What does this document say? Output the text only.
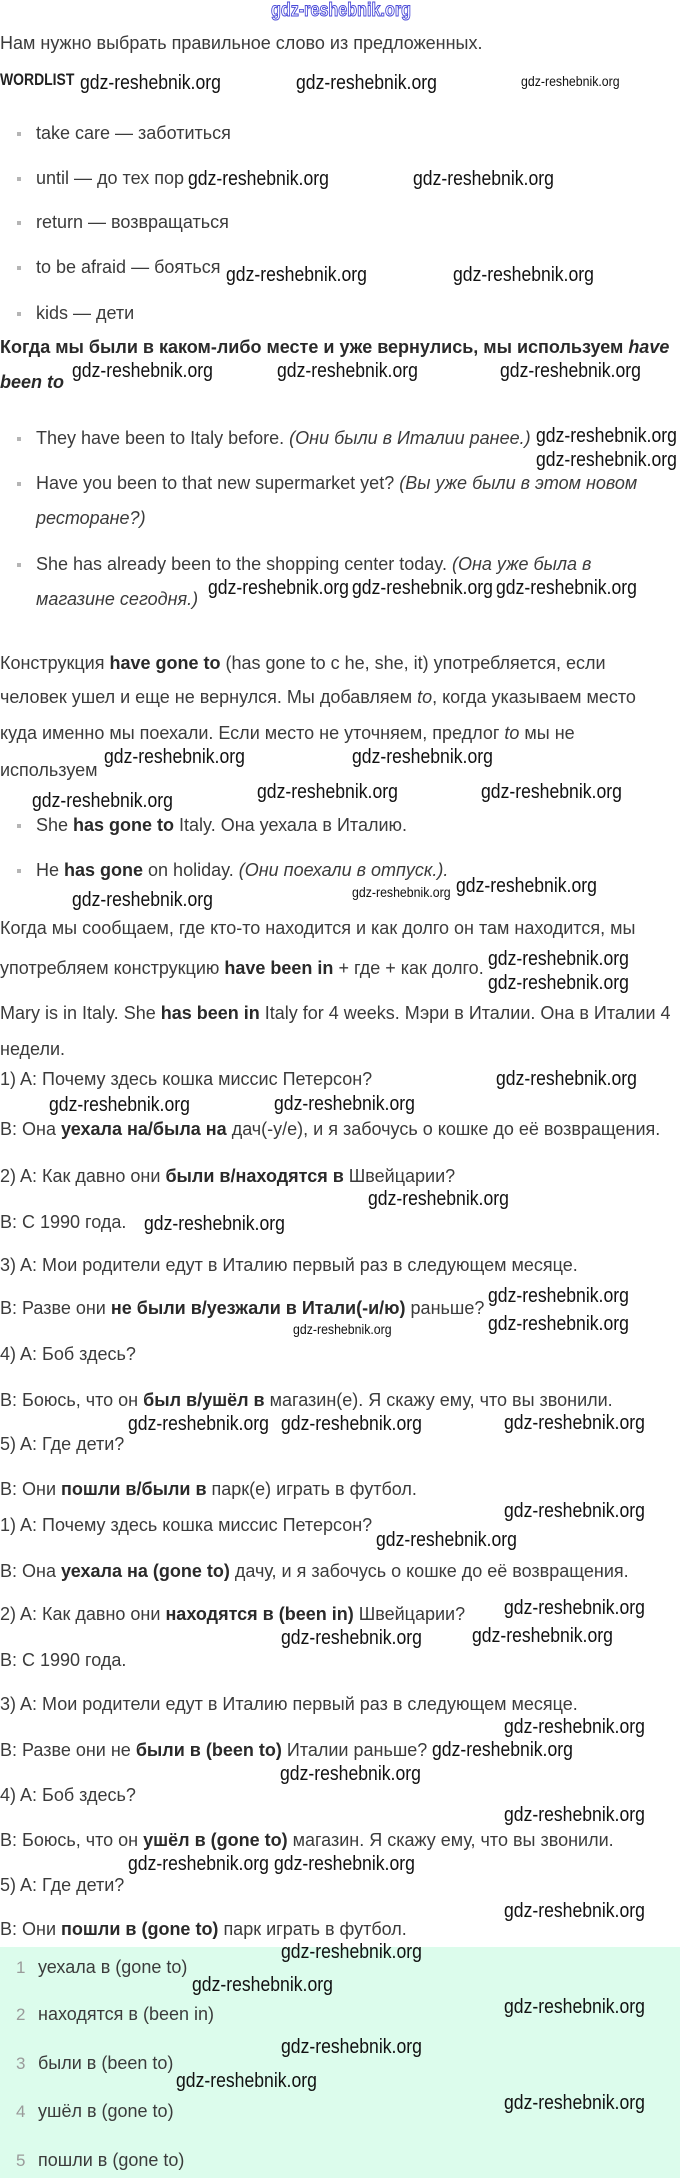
gdz-reshebnik.org
Нам нужно выбрать правильное слово из предложенных.
WORDLIST
take care — заботиться
until — до тех пор
return — возвращаться
to be afraid — бояться
kids — дети
Когда мы были в каком-либо месте и уже вернулись, мы используем have
been to
They have been to Italy before. (Они были в Италии ранее.)
Have you been to that new supermarket yet? (Вы уже были в этом новом
ресторане?)
She has already been to the shopping center today. (Она уже была в
магазине сегодня.)
Конструкция have gone to (has gone to с he, she, it) употребляется, если
человек ушел и еще не вернулся. Мы добавляем to, когда указываем место
куда именно мы поехали. Если место не уточняем, предлог to мы не
используем
She has gone to Italy. Она уехала в Италию.
He has gone on holiday. (Они поехали в отпуск.).
Когда мы сообщаем, где кто-то находится и как долго он там находится, мы
употребляем конструкцию have been in + где + как долго.
Mary is in Italy. She has been in Italy for 4 weeks. Мэри в Италии. Она в Италии 4
недели.
1) A: Почему здесь кошка миссис Петерсон?
B: Она уехала на/была на дач(-у/е), и я забочусь о кошке до её возвращения.
2) A: Как давно они были в/находятся в Швейцарии?
B: С 1990 года.
3) A: Мои родители едут в Италию первый раз в следующем месяце.
B: Разве они не были в/уезжали в Итали(-и/ю) раньше?
4) A: Боб здесь?
B: Боюсь, что он был в/ушёл в магазин(е). Я скажу ему, что вы звонили.
5) A: Где дети?
B: Они пошли в/были в парк(е) играть в футбол.
1) A: Почему здесь кошка миссис Петерсон?
B: Она уехала на (gone to) дачу, и я забочусь о кошке до её возвращения.
2) A: Как давно они находятся в (been in) Швейцарии?
B: С 1990 года.
3) A: Мои родители едут в Италию первый раз в следующем месяце.
B: Разве они не были в (been to) Италии раньше?
4) A: Боб здесь?
B: Боюсь, что он ушёл в (gone to) магазин. Я скажу ему, что вы звонили.
5) A: Где дети?
B: Они пошли в (gone to) парк играть в футбол.
1 уехала в (gone to)
2 находятся в (been in)
3 были в (been to)
4 ушёл в (gone to)
5 пошли в (gone to)
gdz-reshebnik.org	gdz-reshebnik.org	gdz-reshebnik.org
gdz-reshebnik.org	gdz-reshebnik.org
gdz-reshebnik.org	gdz-reshebnik.org
gdz-reshebnik.org	gdz-reshebnik.org	gdz-reshebnik.org
gdz-reshebnik.org
gdz-reshebnik.org
gdz-reshebnik.org gdz-reshebnik.org gdz-reshebnik.org
gdz-reshebnik.org	gdz-reshebnik.org
gdz-reshebnik.org	gdz-reshebnik.org
gdz-reshebnik.org
gdz-reshebnik.org
gdz-reshebnik.org
gdz-reshebnik.org
gdz-reshebnik.org
gdz-reshebnik.org
gdz-reshebnik.org
gdz-reshebnik.org
gdz-reshebnik.org
gdz-reshebnik.org
gdz-reshebnik.org
gdz-reshebnik.org
gdz-reshebnik.org
gdz-reshebnik.org
gdz-reshebnik.org
gdz-reshebnik.org gdz-reshebnik.org
gdz-reshebnik.org
gdz-reshebnik.org
gdz-reshebnik.org
gdz-reshebnik.org
gdz-reshebnik.org
gdz-reshebnik.org
gdz-reshebnik.org
gdz-reshebnik.org
gdz-reshebnik.org
gdz-reshebnik.org
gdz-reshebnik.org
gdz-reshebnik.org
gdz-reshebnik.org
gdz-reshebnik.org
gdz-reshebnik.org
gdz-reshebnik.org
gdz-reshebnik.org
gdz-reshebnik.org
